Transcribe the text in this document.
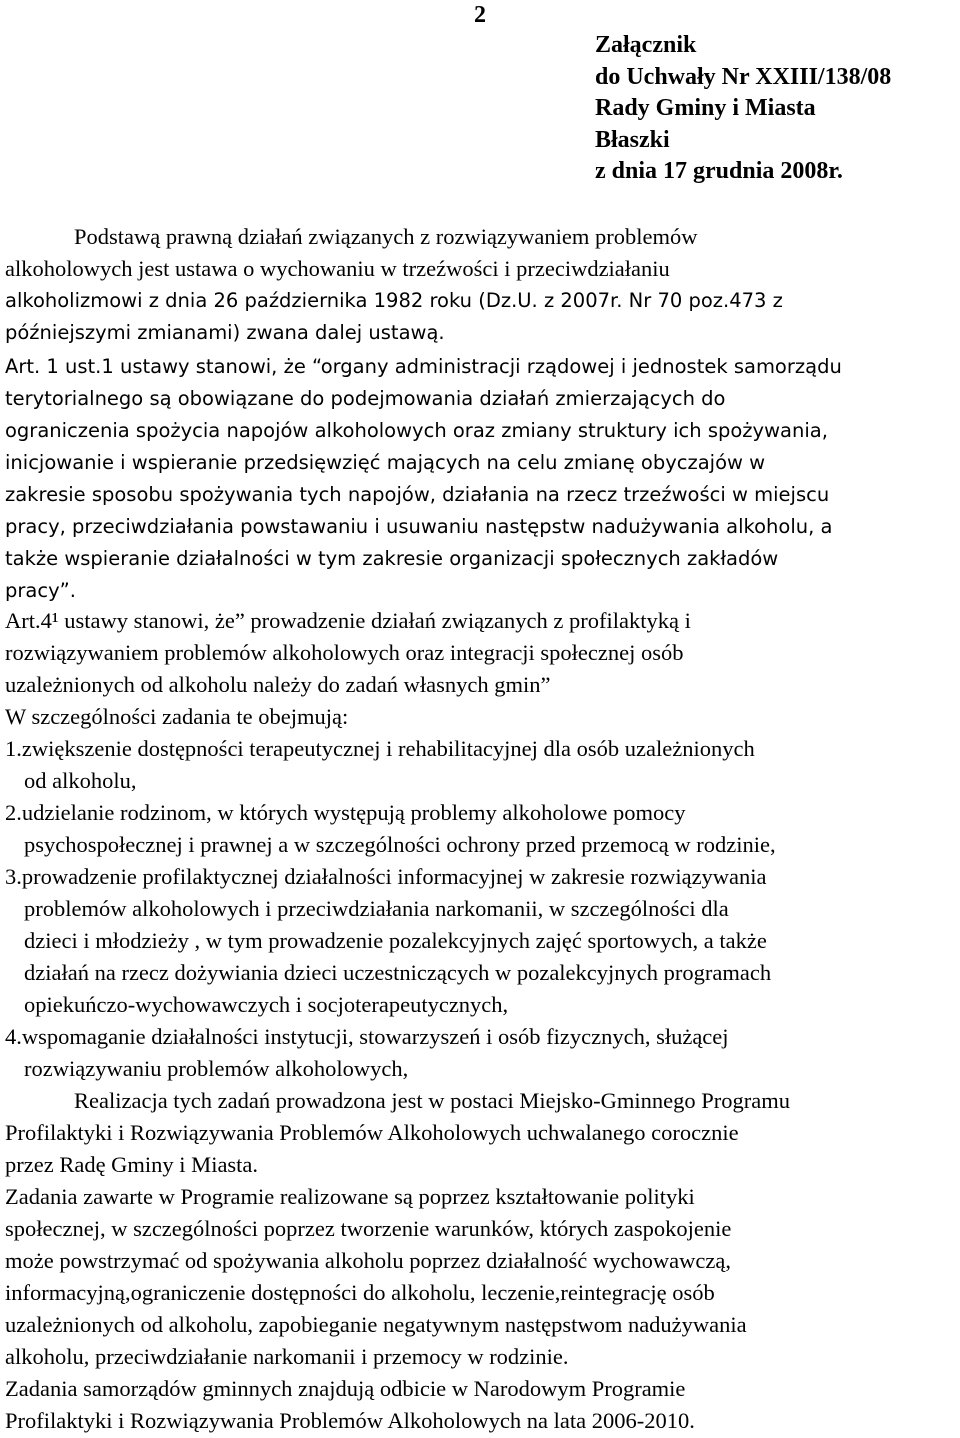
2
Załącznik
do Uchwały Nr XXIII/138/08
Rady Gminy i Miasta
Błaszki
z dnia 17 grudnia 2008r.
Podstawą prawną działań związanych z rozwiązywaniem problemów
alkoholowych jest ustawa o wychowaniu w trzeźwości i przeciwdziałaniu
alkoholizmowi z dnia 26 października 1982 roku (Dz.U. z 2007r. Nr 70 poz.473 z
późniejszymi zmianami) zwana dalej ustawą.
Art. 1 ust.1 ustawy stanowi, że “organy administracji rządowej i jednostek samorządu
terytorialnego są obowiązane do podejmowania działań zmierzających do
ograniczenia spożycia napojów alkoholowych oraz zmiany struktury ich spożywania,
inicjowanie i wspieranie przedsięwzięć mających na celu zmianę obyczajów w
zakresie sposobu spożywania tych napojów, działania na rzecz trzeźwości w miejscu
pracy, przeciwdziałania powstawaniu i usuwaniu następstw nadużywania alkoholu, a
także wspieranie działalności w tym zakresie organizacji społecznych zakładów
pracy”.
Art.4¹ ustawy stanowi, że” prowadzenie działań związanych z profilaktyką i
rozwiązywaniem problemów alkoholowych oraz integracji społecznej osób
uzależnionych od alkoholu należy do zadań własnych gmin”
W szczególności zadania te obejmują:
1.zwiększenie dostępności terapeutycznej i rehabilitacyjnej dla osób uzależnionych
od alkoholu,
2.udzielanie rodzinom, w których występują problemy alkoholowe pomocy
psychospołecznej i prawnej a w szczególności ochrony przed przemocą w rodzinie,
3.prowadzenie profilaktycznej działalności informacyjnej w zakresie rozwiązywania
problemów alkoholowych i przeciwdziałania narkomanii, w szczególności dla
dzieci i młodzieży , w tym prowadzenie pozalekcyjnych zajęć sportowych, a także
działań na rzecz dożywiania dzieci uczestniczących w pozalekcyjnych programach
opiekuńczo-wychowawczych i socjoterapeutycznych,
4.wspomaganie działalności instytucji, stowarzyszeń i osób fizycznych, służącej
rozwiązywaniu problemów alkoholowych,
Realizacja tych zadań prowadzona jest w postaci Miejsko-Gminnego Programu
Profilaktyki i Rozwiązywania Problemów Alkoholowych uchwalanego corocznie
przez Radę Gminy i Miasta.
Zadania zawarte w Programie realizowane są poprzez kształtowanie polityki
społecznej, w szczególności poprzez tworzenie warunków, których zaspokojenie
może powstrzymać od spożywania alkoholu poprzez działalność wychowawczą,
informacyjną,ograniczenie dostępności do alkoholu, leczenie,reintegrację osób
uzależnionych od alkoholu, zapobieganie negatywnym następstwom nadużywania
alkoholu, przeciwdziałanie narkomanii i przemocy w rodzinie.
Zadania samorządów gminnych znajdują odbicie w Narodowym Programie
Profilaktyki i Rozwiązywania Problemów Alkoholowych na lata 2006-2010.
